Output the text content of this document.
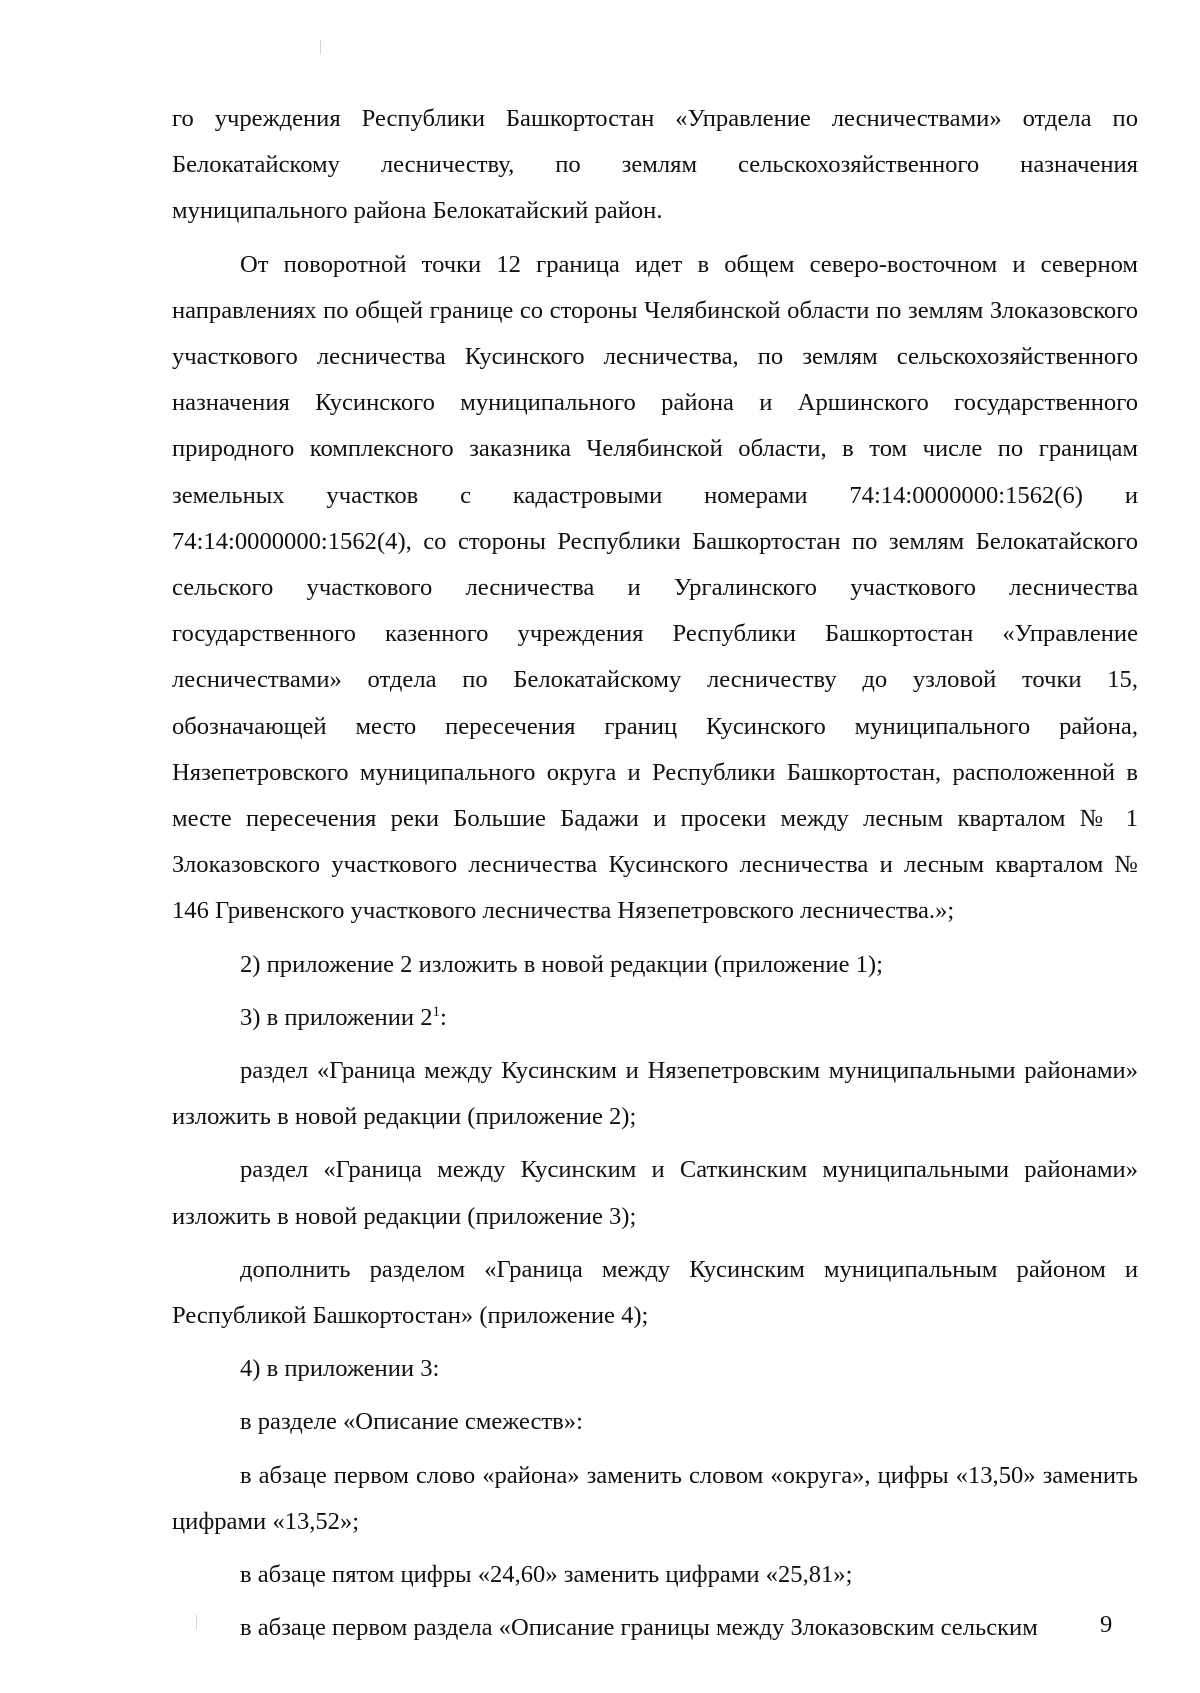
го учреждения Республики Башкортостан «Управление лесничествами» отдела по Белокатайскому лесничеству, по землям сельскохозяйственного назначения муниципального района Белокатайский район.

От поворотной точки 12 граница идет в общем северо-восточном и северном направлениях по общей границе со стороны Челябинской области по землям Злоказовского участкового лесничества Кусинского лесничества, по землям сельскохозяйственного назначения Кусинского муниципального района и Аршинского государственного природного комплексного заказника Челябинской области, в том числе по границам земельных участков с кадастровыми номерами 74:14:0000000:1562(6) и 74:14:0000000:1562(4), со стороны Республики Башкортостан по землям Белокатайского сельского участкового лесничества и Ургалинского участкового лесничества государственного казенного учреждения Республики Башкортостан «Управление лесничествами» отдела по Белокатайскому лесничеству до узловой точки 15, обозначающей место пересечения границ Кусинского муниципального района, Нязепетровского муниципального округа и Республики Башкортостан, расположенной в месте пересечения реки Большие Бадажи и просеки между лесным кварталом № 1 Злоказовского участкового лесничества Кусинского лесничества и лесным кварталом № 146 Гривенского участкового лесничества Нязепетровского лесничества.»;

2) приложение 2 изложить в новой редакции (приложение 1);

3) в приложении $2^1$:

раздел «Граница между Кусинским и Нязепетровским муниципальными районами» изложить в новой редакции (приложение 2);

раздел «Граница между Кусинским и Саткинским муниципальными районами» изложить в новой редакции (приложение 3);

дополнить разделом «Граница между Кусинским муниципальным районом и Республикой Башкортостан» (приложение 4);

4) в приложении 3:

в разделе «Описание смежеств»:

в абзаце первом слово «района» заменить словом «округа», цифры «13,50» заменить цифрами «13,52»;

в абзаце пятом цифры «24,60» заменить цифрами «25,81»;

в абзаце первом раздела «Описание границы между Злоказовским сельским	9
